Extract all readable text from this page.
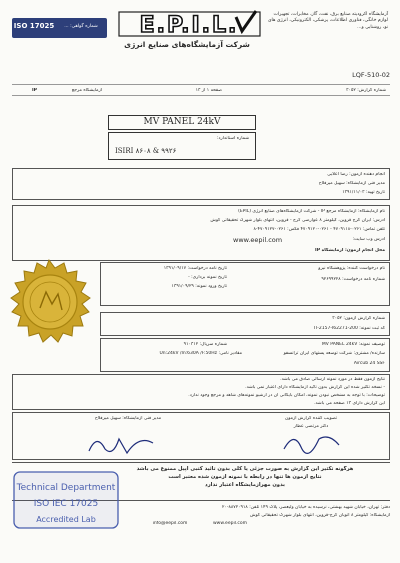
آزمایشگاه اکرودیته صنایع برق، نفت، گاز، مخابرات، تجهیزات لوازم خانگی، فناوری اطلاعات، پزشکی، الکترونیکی، انرژی های نو، روشنایی و...
E.P.I.L.
شرکت آزمایشگاه‌های صنایع انرژی
ISO 17025	شماره گواهی: ...
LQF-510-02
شماره گزارش: ۳۰۵۲
صفحه ۱ از ۱۳
آزمایشگاه مرجع
IP
MV PANEL 24kV
شماره استاندارد:
ISIRI ۸۶۰۸ & ۹۹۲۶
انجام دهنده آزمون: رضا اعلایی
مدیر فنی آزمایشگاه: سهیل میرفلاح
تاریخ تهیه: ۱۳۹۱/۱۱/۰۳
نام آزمایشگاه: آزمایشگاه مرجع IP - شرکت آزمایشگاه‌های صنایع انرژی (EPIL)
آدرس: ایران کرج قزوین، کیلومتر ۸ عوارضی کرج - قزوین، انتهای بلوار شهرک تحقیقاتی کوش
تلفن تماس: ۰۲۶۱-۴۷۰۹۱۱۸ - ۰۲۶۱-۴۷۰۹۱۲۰ فکس: ۰۲۶۱-۴۷۰۹۱۲۷-۸
آدرس وب سایت:
www.eepil.com
محل انجام آزمون: آزمایشگاه IP
نام درخواست کننده: پژوهشگاه نیرو
شماره نامه درخواست: ۹۲۶۹۹۲۲۸
تاریخ نامه درخواست: ۱۳۹۱/۰۹/۱۷
تاریخ نمونه برداری: -
تاریخ ورود نمونه: ۱۳۹۱/۰۹/۲۹
شماره گزارش آزمون: ۳۰۵۲
کد ثبت نمونه: TI-2157-I62271-200
توصیف نمونه: MV PANEL 24kV
شماره سریال: ۹۱۰۳۱۲
سازنده/ مشتری: شرکت توسعه پستهای ایران ترانسفو
مقادیر نامی: Un:24kV /In:630A /F:50Hz
Aircub 24 SSF
نتایج آزمون فقط در مورد نمونه ارسالی صادق می باشد.
- نسخه تکثیر شده این گزارش بدون تائید آزمایشگاه دارای اعتبار نمی باشد.
توضیحات: با توجه به مشخص نبودن نمونه، امکان بایگانی آن در آرشیو نمونه‌های شاهد و مرجع وجود ندارد.
این گزارش دارای ۱۳ صفحه می باشد.
تصویب کننده گزارش آزمون
دکتر مرتضی عطار
مدیر فنی آزمایشگاه: سهیل میرفلاح
هرگونه تکثیر این گزارش به صورت جزئی یا کلی بدون تائید کتبی اپیل ممنوع می باشد
نتایج آزمون ها تنها در رابطه با نمونه آزمون شده معتبر است
بدون مهرآزمایشگاه اعتبار ندارد
دفتر: تهران، خیابان شهید بهشتی، نرسیده به خیابان ولیعصر، پلاک ۱۴۹ تلفن: ۸۸۷۲۰۹۱۸-۲۰
آزمایشگاه: کیلومتر ۸ اتوبان کرج-قزوین، انتهای بلوار شهرک تحقیقاتی کوش
www.eepil.com
info@eepil.com
Technical Department
ISO IEC 17025
Accredited Lab
